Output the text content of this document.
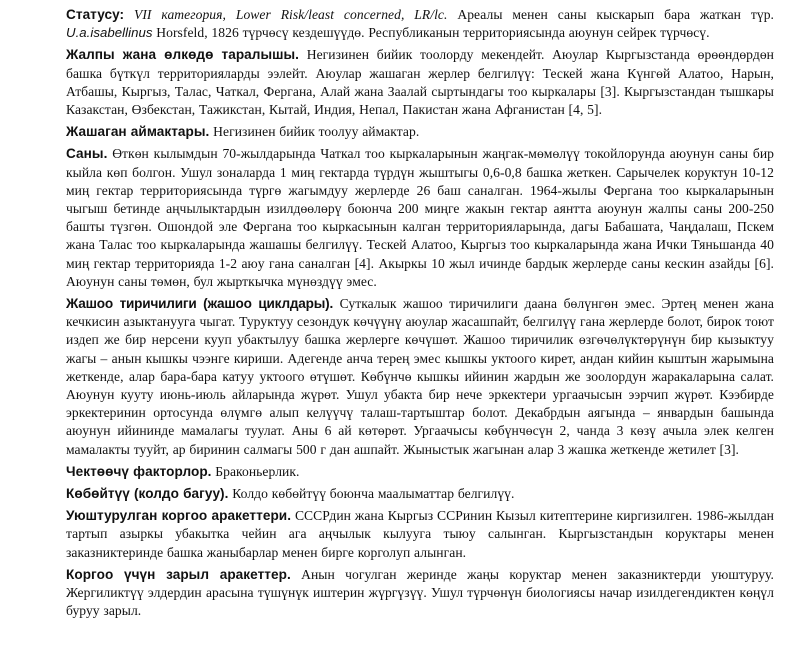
Статусу: VII категория, Lower Risk/least concerned, LR/lc. Ареалы менен саны кыскарып бара жаткан түр. U.a.isabellinus Horsfeld, 1826 түрчөсү кездешүүдө. Республиканын территориясында аюунун сейрек түрчөсү.

Жалпы жана өлкөдө таралышы. Негизинен бийик тоолорду мекендейт. Аюулар Кыргызстанда өрөөндөрдөн башка бүткүл территорияларды ээлейт. Аюулар жашаган жерлер белгилүү: Тескей жана Күнгөй Алатоо, Нарын, Атбашы, Кыргыз, Талас, Чаткал, Фергана, Алай жана Заалай сыртындагы тоо кыркалары [3]. Кыргызстандан тышкары Казакстан, Өзбекстан, Тажикстан, Кытай, Индия, Непал, Пакистан жана Афганистан [4, 5].

Жашаган аймактары. Негизинен бийик тоолуу аймактар.

Саны. Өткөн кылымдын 70-жылдарында Чаткал тоо кыркаларынын жаңгак-мөмөлүү токойлорунда аюунун саны бир кыйла көп болгон. Ушул зоналарда 1 миң гектарда түрдүн жыштыгы 0,6-0,8 башка жеткен. Сарычелек коруктун 10-12 миң гектар территориясында түргө жагымдуу жерлерде 26 баш саналган. 1964-жылы Фергана тоо кыркаларынын чыгыш бетинде аңчылыктардын изилдөөлөрү боюнча 200 миңге жакын гектар аянтта аюунун жалпы саны 200-250 башты түзгөн. Ошондой эле Фергана тоо кыркасынын калган территорияларында, дагы Бабашата, Чаңдалаш, Пскем жана Талас тоо кыркаларында жашашы белгилүү. Тескей Алатоо, Кыргыз тоо кыркаларында жана Ички Тяньшанда 40 миң гектар территорияда 1-2 аюу гана саналган [4]. Акыркы 10 жыл ичинде бардык жерлерде саны кескин азайды [6]. Аюунун саны төмөн, бул жырткычка мүнөздүү эмес.

Жашоо тиричилиги (жашоо циклдары). Суткалык жашоо тиричилиги даана бөлүнгөн эмес. Эртең менен жана кечкисин азыктанууга чыгат. Туруктуу сезондук көчүүнү аюулар жасашпайт, белгилүү гана жерлерде болот, бирок тоют издеп же бир нерсени кууп убактылуу башка жерлерге көчүшөт. Жашоо тиричилик өзгөчөлүктөрүнүн бир кызыктуу жагы – анын кышкы чээнге кириши. Адегенде анча терең эмес кышкы уктоого кирет, андан кийин кыштын жарымына жеткенде, алар бара-бара катуу уктоого өтүшөт. Көбүнчө кышкы ийинин жардын же зоолордун жаракаларына салат. Аюунун кууту июнь-июль айларында жүрөт. Ушул убакта бир нече эркектери ургаачысын ээрчип жүрөт. Кээбирде эркектеринин ортосунда өлүмгө алып келүүчү талаш-тартыштар болот. Декабрдын аягында – январдын башында аюунун ийининде мамалагы туулат. Аны 6 ай көтөрөт. Ургаачысы көбүнчөсүн 2, чанда 3 көзү ачыла элек келген мамалакты тууйт, ар биринин салмагы 500 г дан ашпайт. Жыныстык жагынан алар 3 жашка жеткенде жетилет [3].

Чектөөчү факторлор. Браконьерлик.

Көбөйтүү (колдо багуу). Колдо көбөйтүү боюнча маалыматтар белгилүү.

Уюштурулган коргоо аракеттери. СССРдин жана Кыргыз ССРинин Кызыл китептерине киргизилген. 1986-жылдан тартып азыркы убакытка чейин ага аңчылык кылууга тыюу салынган. Кыргызстандын коруктары менен заказниктеринде башка жаныбарлар менен бирге корголуп алынган.

Коргоо үчүн зарыл аракеттер. Анын чогулган жеринде жаңы коруктар менен заказниктерди уюштуруу. Жергиликтүү элдердин арасына түшүнүк иштерин жүргүзүү. Ушул түрчөнүн биологиясы начар изилдегендиктен көңүл буруу зарыл.
